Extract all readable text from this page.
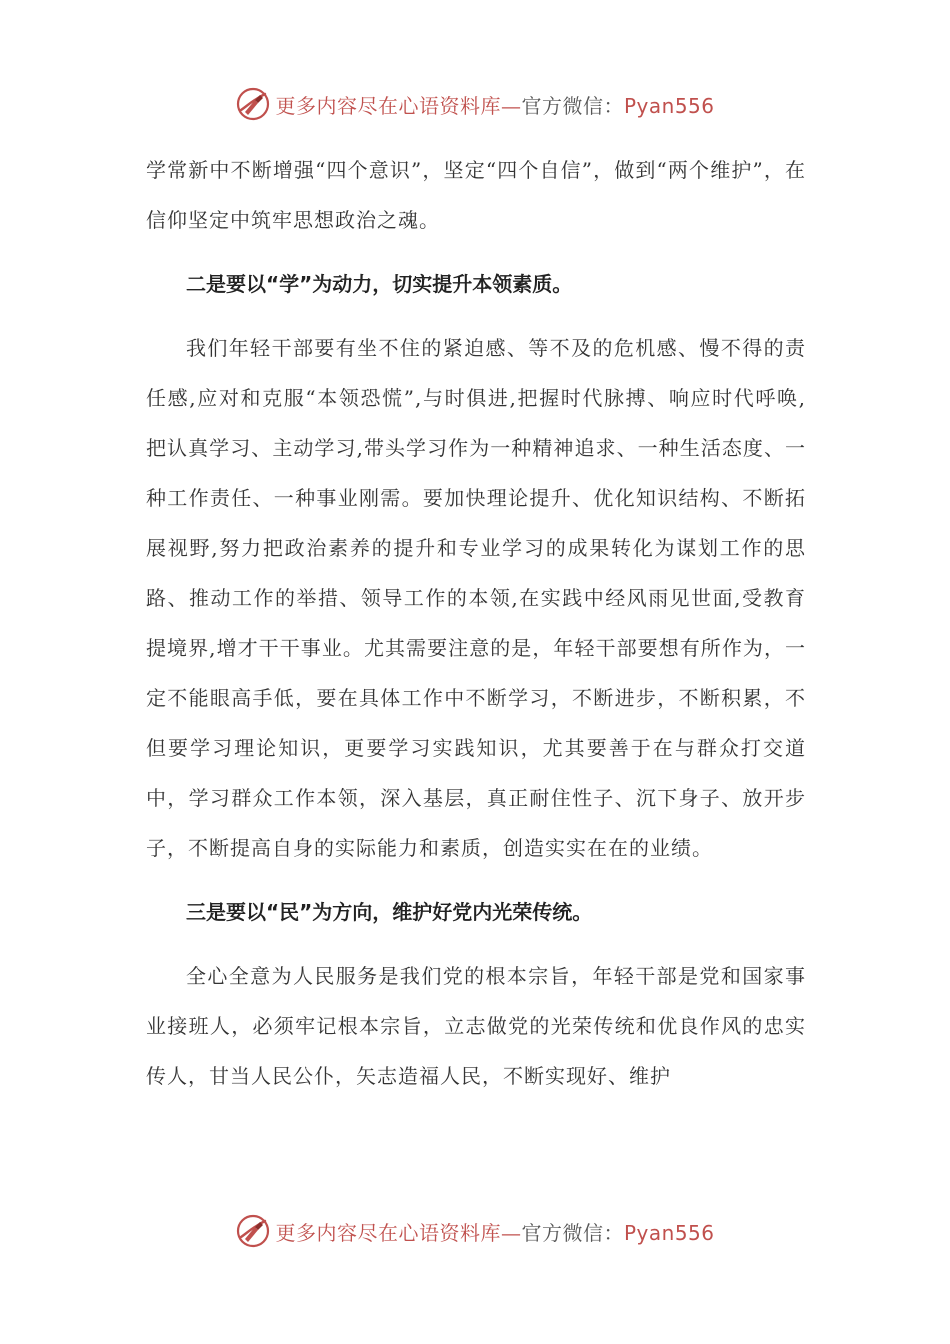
更多内容尽在心语资料库—官方微信：Pyan556

学常新中不断增强“四个意识”，坚定“四个自信”，做到“两个维护”，在信仰坚定中筑牢思想政治之魂。

二是要以“学”为动力，切实提升本领素质。

我们年轻干部要有坐不住的紧迫感、等不及的危机感、慢不得的责任感,应对和克服“本领恐慌”,与时俱进,把握时代脉搏、响应时代呼唤,把认真学习、主动学习,带头学习作为一种精神追求、一种生活态度、一种工作责任、一种事业刚需。要加快理论提升、优化知识结构、不断拓展视野,努力把政治素养的提升和专业学习的成果转化为谋划工作的思路、推动工作的举措、领导工作的本领,在实践中经风雨见世面,受教育提境界,增才干干事业。尤其需要注意的是，年轻干部要想有所作为，一定不能眼高手低，要在具体工作中不断学习，不断进步，不断积累，不但要学习理论知识，更要学习实践知识，尤其要善于在与群众打交道中，学习群众工作本领，深入基层，真正耐住性子、沉下身子、放开步子，不断提高自身的实际能力和素质，创造实实在在的业绩。

三是要以“民”为方向，维护好党内光荣传统。

全心全意为人民服务是我们党的根本宗旨，年轻干部是党和国家事业接班人，必须牢记根本宗旨，立志做党的光荣传统和优良作风的忠实传人，甘当人民公仆，矢志造福人民，不断实现好、维护

更多内容尽在心语资料库—官方微信：Pyan556
